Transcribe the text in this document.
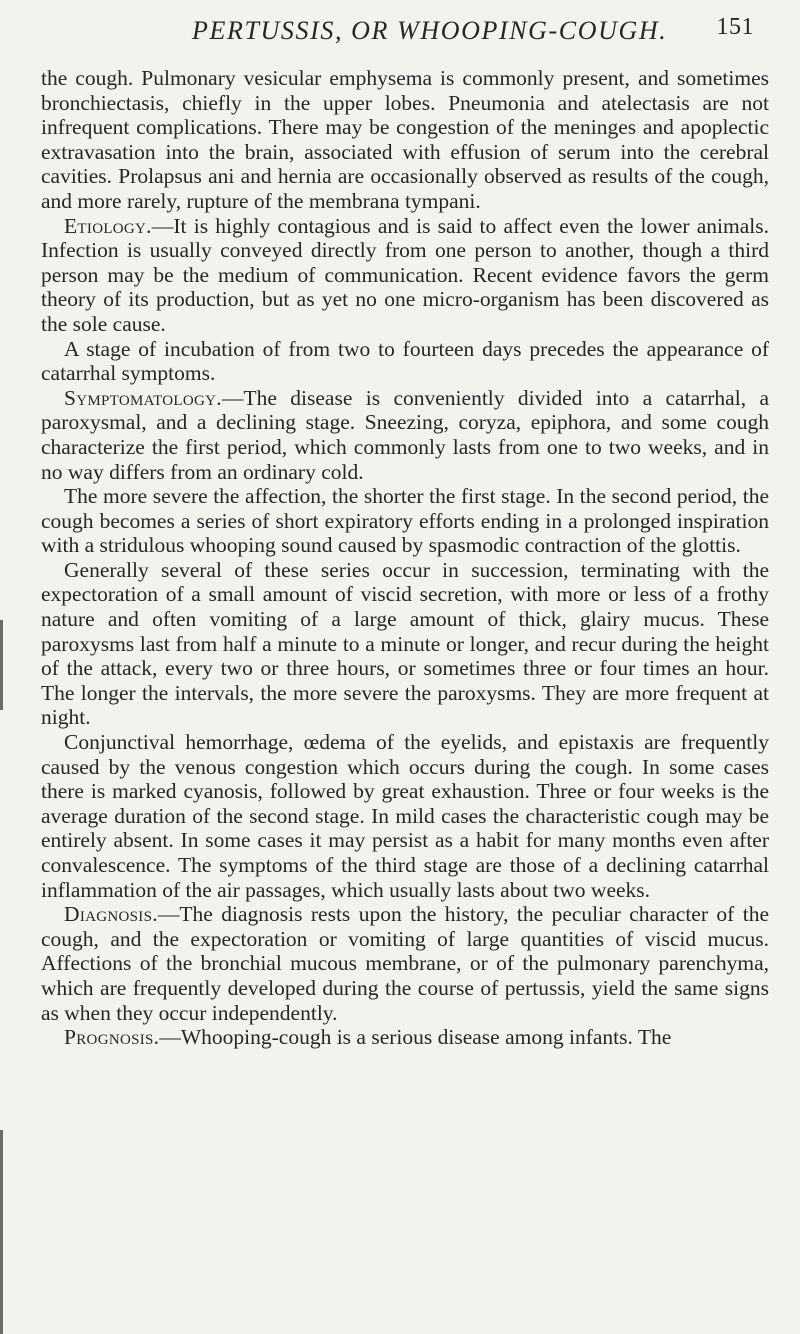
PERTUSSIS, OR WHOOPING-COUGH. 151

the cough. Pulmonary vesicular emphysema is commonly present, and sometimes bronchiectasis, chiefly in the upper lobes. Pneumonia and atelectasis are not infrequent complications. There may be congestion of the meninges and apoplectic extravasation into the brain, associated with effusion of serum into the cerebral cavities. Prolapsus ani and hernia are occasionally observed as results of the cough, and more rarely, rupture of the membrana tympani.

Etiology.—It is highly contagious and is said to affect even the lower animals. Infection is usually conveyed directly from one person to another, though a third person may be the medium of communication. Recent evidence favors the germ theory of its production, but as yet no one micro-organism has been discovered as the sole cause.

A stage of incubation of from two to fourteen days precedes the appearance of catarrhal symptoms.

Symptomatology.—The disease is conveniently divided into a catarrhal, a paroxysmal, and a declining stage. Sneezing, coryza, epiphora, and some cough characterize the first period, which commonly lasts from one to two weeks, and in no way differs from an ordinary cold.

The more severe the affection, the shorter the first stage. In the second period, the cough becomes a series of short expiratory efforts ending in a prolonged inspiration with a stridulous whooping sound caused by spasmodic contraction of the glottis.

Generally several of these series occur in succession, terminating with the expectoration of a small amount of viscid secretion, with more or less of a frothy nature and often vomiting of a large amount of thick, glairy mucus. These paroxysms last from half a minute to a minute or longer, and recur during the height of the attack, every two or three hours, or sometimes three or four times an hour. The longer the intervals, the more severe the paroxysms. They are more frequent at night.

Conjunctival hemorrhage, œdema of the eyelids, and epistaxis are frequently caused by the venous congestion which occurs during the cough. In some cases there is marked cyanosis, followed by great exhaustion. Three or four weeks is the average duration of the second stage. In mild cases the characteristic cough may be entirely absent. In some cases it may persist as a habit for many months even after convalescence. The symptoms of the third stage are those of a declining catarrhal inflammation of the air passages, which usually lasts about two weeks.

Diagnosis.—The diagnosis rests upon the history, the peculiar character of the cough, and the expectoration or vomiting of large quantities of viscid mucus. Affections of the bronchial mucous membrane, or of the pulmonary parenchyma, which are frequently developed during the course of pertussis, yield the same signs as when they occur independently.

Prognosis.—Whooping-cough is a serious disease among infants. The
